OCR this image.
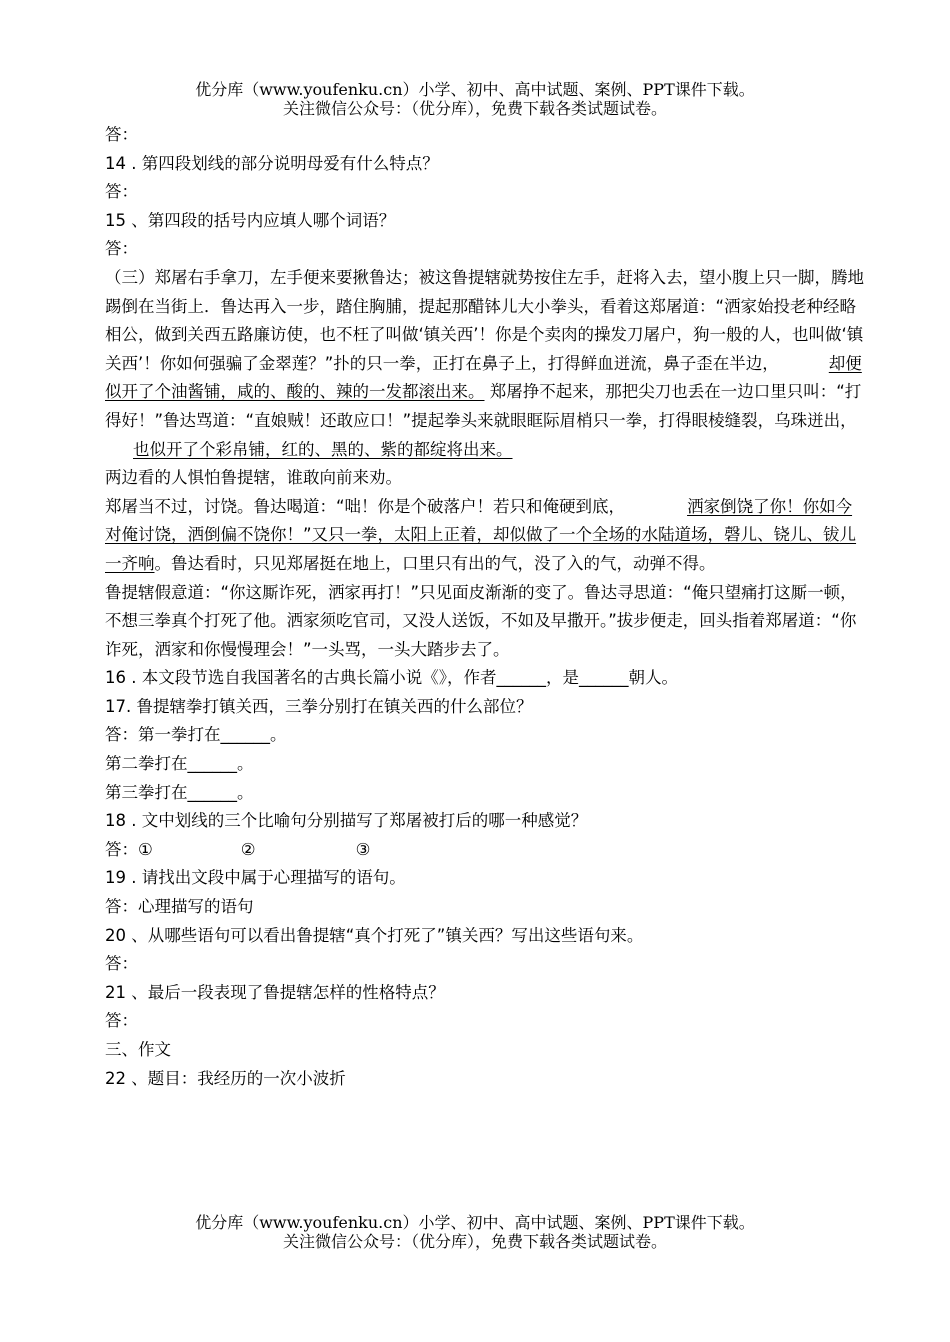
优分库（www.youfenku.cn）小学、初中、高中试题、案例、PPT课件下载。
关注微信公众号：（优分库），免费下载各类试题试卷。
答：
14 . 第四段划线的部分说明母爱有什么特点？
答：
15 、第四段的括号内应填人哪个词语？
答：
（三）郑屠右手拿刀，左手便来要揪鲁达；被这鲁提辖就势按住左手，赶将入去，望小腹上只一脚，腾地踢倒在当街上．鲁达再入一步，踏住胸脯，提起那醋钵儿大小拳头，看着这郑屠道：“洒家始投老种经略相公，做到关西五路廉访使，也不枉了叫做‘镇关西’！你是个卖肉的操发刀屠户，狗一般的人，也叫做‘镇关西’！你如何强骗了金翠莲？”扑的只一拳，正打在鼻子上，打得鲜血迸流，鼻子歪在半边，	却便似开了个油酱铺，咸的、酸的、辣的一发都滚出来。 郑屠挣不起来，那把尖刀也丢在一边口里只叫：“打得好！”鲁达骂道：“直娘贼！还敢应口！”提起拳头来就眼眶际眉梢只一拳，打得眼棱缝裂，乌珠迸出，也似开了个彩帛铺，红的、黑的、紫的都绽将出来。
两边看的人惧怕鲁提辖，谁敢向前来劝。
郑屠当不过，讨饶。鲁达喝道：“咄！你是个破落户！若只和俺硬到底，	洒家倒饶了你！你如今对俺讨饶，洒倒偏不饶你！”又只一拳，太阳上正着，却似做了一个全场的水陆道场，磬儿、铙儿、钹儿一齐响。鲁达看时，只见郑屠挺在地上，口里只有出的气，没了入的气，动弹不得。
鲁提辖假意道：“你这厮诈死，洒家再打！”只见面皮渐渐的变了。鲁达寻思道：“俺只望痛打这厮一顿，不想三拳真个打死了他。洒家须吃官司，又没人送饭，不如及早撒开。”拔步便走，回头指着郑屠道：“你诈死，洒家和你慢慢理会！”一头骂，一头大踏步去了。
16 . 本文段节选自我国著名的古典长篇小说《》，作者______，是______朝人。
17. 鲁提辖拳打镇关西，三拳分别打在镇关西的什么部位？
答：第一拳打在______。
第二拳打在______。
第三拳打在______。
18 . 文中划线的三个比喻句分别描写了郑屠被打后的哪一种感觉？
答：①	②	③
19 . 请找出文段中属于心理描写的语句。
答：心理描写的语句
20 、从哪些语句可以看出鲁提辖“真个打死了”镇关西？写出这些语句来。
答：
21 、最后一段表现了鲁提辖怎样的性格特点？
答：
三、作文
22 、题目：我经历的一次小波折
优分库（www.youfenku.cn）小学、初中、高中试题、案例、PPT课件下载。
关注微信公众号：（优分库），免费下载各类试题试卷。
